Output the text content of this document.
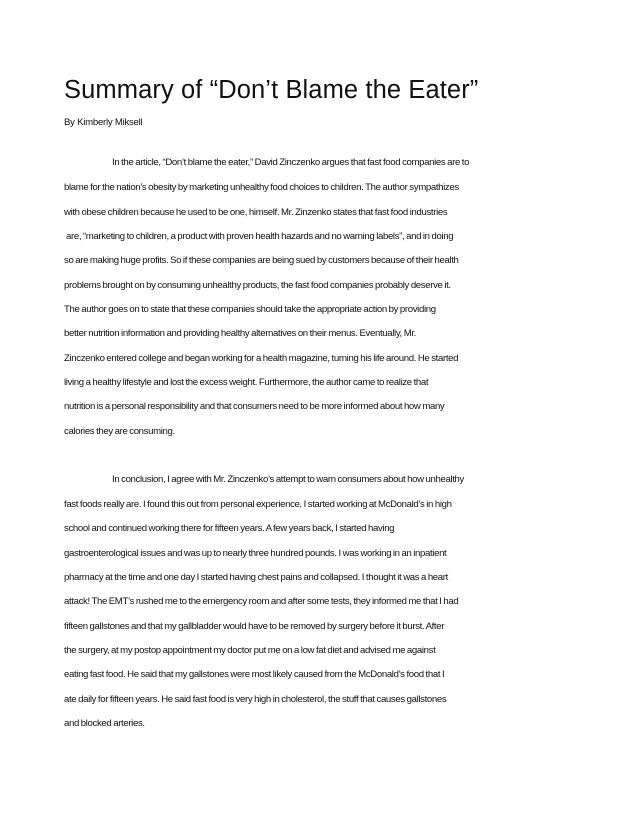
Summary of “Don’t Blame the Eater”
By Kimberly Miksell
In the article, “Don’t blame the eater,” David Zinczenko argues that fast food companies are to
blame for the nation’s obesity by marketing unhealthy food choices to children. The author sympathizes
with obese children because he used to be one, himself. Mr. Zinzenko states that fast food industries
are, “marketing to children, a product with proven health hazards and no warning labels”, and in doing
so are making huge profits. So if these companies are being sued by customers because of their health
problems brought on by consuming unhealthy products, the fast food companies probably deserve it.
The author goes on to state that these companies should take the appropriate action by providing
better nutrition information and providing healthy alternatives on their menus. Eventually, Mr.
Zinczenko entered college and began working for a health magazine, turning his life around. He started
living a healthy lifestyle and lost the excess weight. Furthermore, the author came to realize that
nutrition is a personal responsibility and that consumers need to be more informed about how many
calories they are consuming.
In conclusion, I agree with Mr. Zinczenko’s attempt to warn consumers about how unhealthy
fast foods really are. I found this out from personal experience. I started working at McDonald’s in high
school and continued working there for fifteen years. A few years back, I started having
gastroenterological issues and was up to nearly three hundred pounds. I was working in an inpatient
pharmacy at the time and one day I started having chest pains and collapsed. I thought it was a heart
attack! The EMT’s rushed me to the emergency room and after some tests, they informed me that I had
fifteen gallstones and that my gallbladder would have to be removed by surgery before it burst. After
the surgery, at my postop appointment my doctor put me on a low fat diet and advised me against
eating fast food. He said that my gallstones were most likely caused from the McDonald’s food that I
ate daily for fifteen years. He said fast food is very high in cholesterol, the stuff that causes gallstones
and blocked arteries.
